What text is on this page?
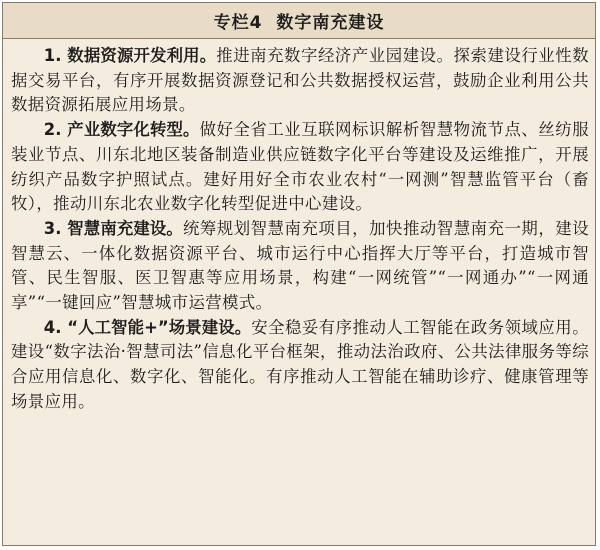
专栏4 数字南充建设

1. 数据资源开发利用。推进南充数字经济产业园建设。探索建设行业性数据交易平台，有序开展数据资源登记和公共数据授权运营，鼓励企业利用公共数据资源拓展应用场景。

2. 产业数字化转型。做好全省工业互联网标识解析智慧物流节点、丝纺服装业节点、川东北地区装备制造业供应链数字化平台等建设及运维推广，开展纺织产品数字护照试点。建好用好全市农业农村“一网测”智慧监管平台（畜牧），推动川东北农业数字化转型促进中心建设。

3. 智慧南充建设。统筹规划智慧南充项目，加快推动智慧南充一期，建设智慧云、一体化数据资源平台、城市运行中心指挥大厅等平台，打造城市智管、民生智服、医卫智惠等应用场景，构建“一网统管”“一网通办”“一网通享”“一键回应”智慧城市运营模式。

4. “人工智能+”场景建设。安全稳妥有序推动人工智能在政务领域应用。建设“数字法治·智慧司法”信息化平台框架，推动法治政府、公共法律服务等综合应用信息化、数字化、智能化。有序推动人工智能在辅助诊疗、健康管理等场景应用。
